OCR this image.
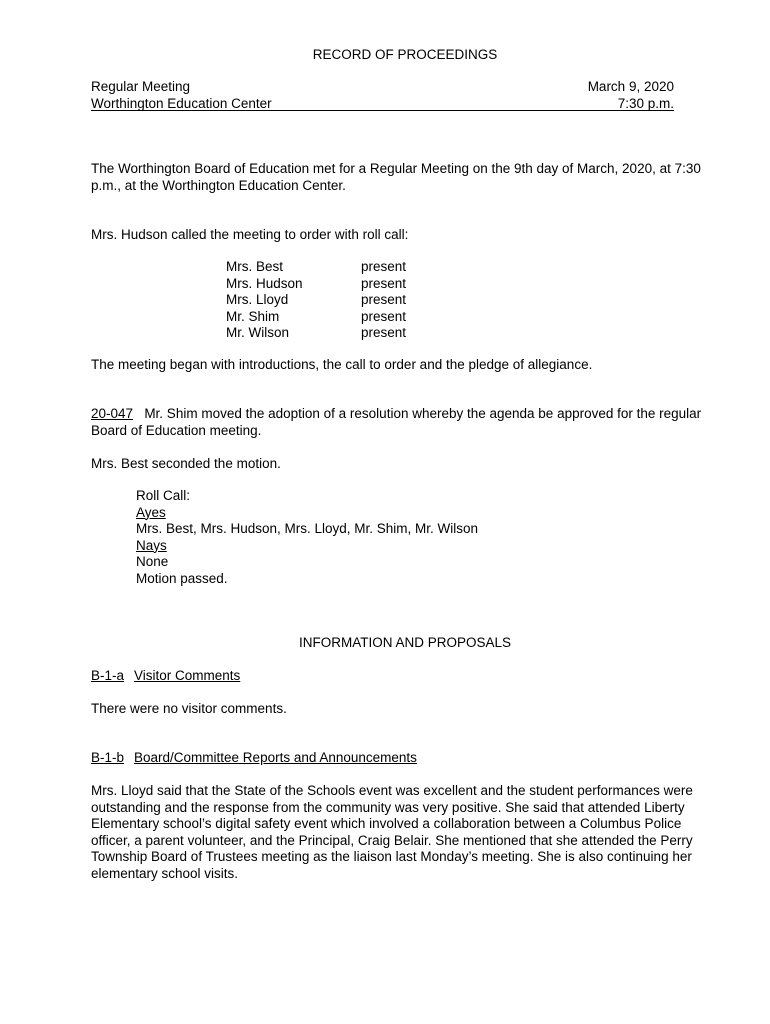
RECORD OF PROCEEDINGS
Regular Meeting
Worthington Education Center
March 9, 2020
7:30 p.m.
The Worthington Board of Education met for a Regular Meeting on the 9th day of March, 2020, at 7:30 p.m., at the Worthington Education Center.
Mrs. Hudson called the meeting to order with roll call:
Mrs. Best	present
Mrs. Hudson	present
Mrs. Lloyd	present
Mr. Shim	present
Mr. Wilson	present
The meeting began with introductions, the call to order and the pledge of allegiance.
20-047 Mr. Shim moved the adoption of a resolution whereby the agenda be approved for the regular Board of Education meeting.
Mrs. Best seconded the motion.
Roll Call:
Ayes
Mrs. Best, Mrs. Hudson, Mrs. Lloyd, Mr. Shim, Mr. Wilson
Nays
None
Motion passed.
INFORMATION AND PROPOSALS
B-1-a Visitor Comments
There were no visitor comments.
B-1-b Board/Committee Reports and Announcements
Mrs. Lloyd said that the State of the Schools event was excellent and the student performances were outstanding and the response from the community was very positive. She said that attended Liberty Elementary school’s digital safety event which involved a collaboration between a Columbus Police officer, a parent volunteer, and the Principal, Craig Belair. She mentioned that she attended the Perry Township Board of Trustees meeting as the liaison last Monday’s meeting. She is also continuing her elementary school visits.
